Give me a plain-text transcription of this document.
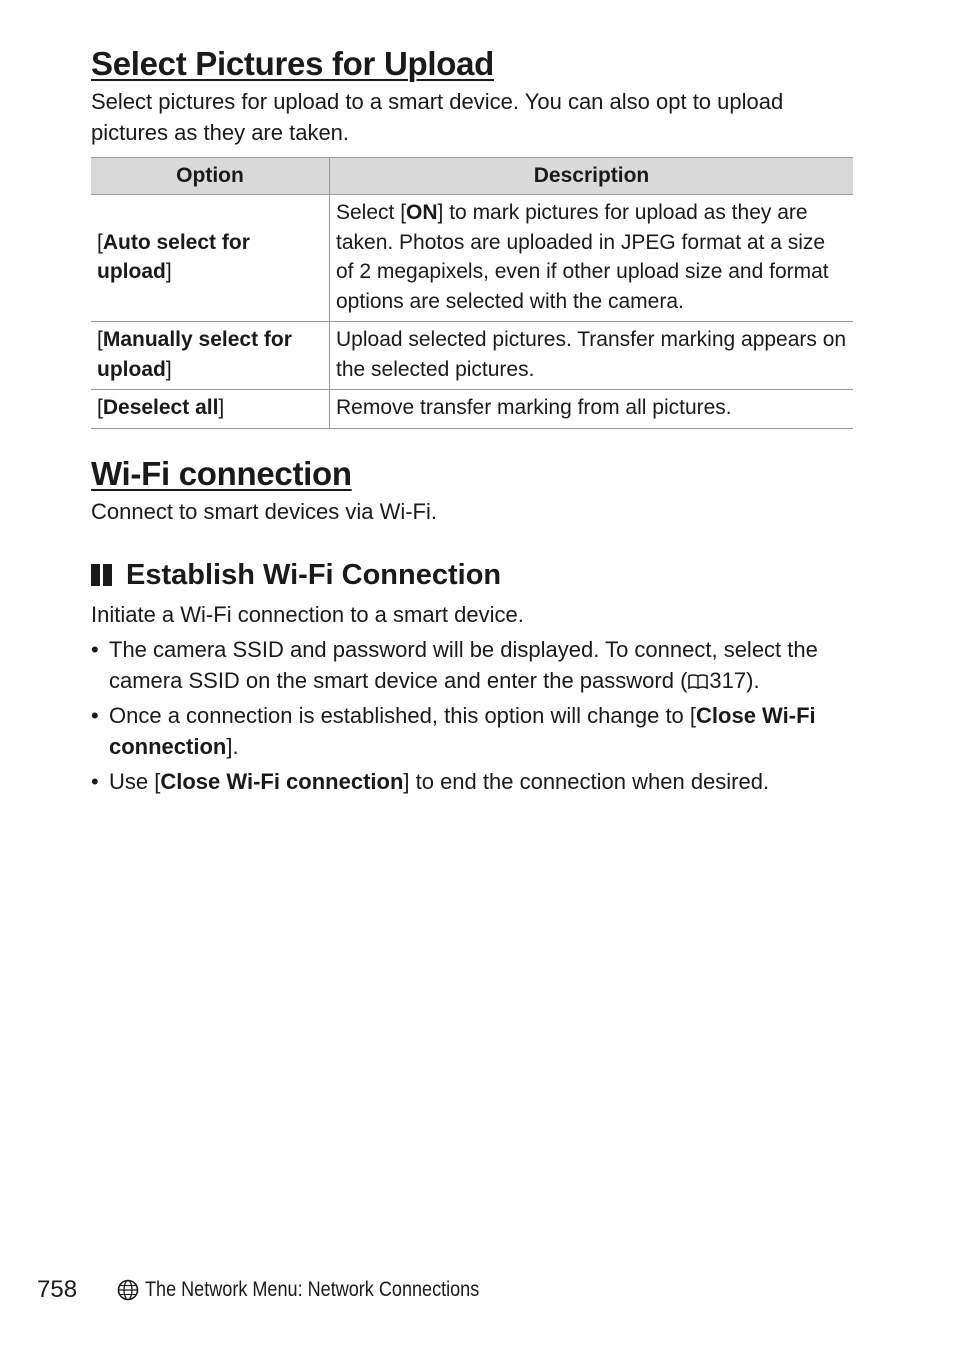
Select Pictures for Upload

Select pictures for upload to a smart device. You can also opt to upload pictures as they are taken.

Option	Description
[Auto select for upload]	Select [ON] to mark pictures for upload as they are taken. Photos are uploaded in JPEG format at a size of 2 megapixels, even if other upload size and format options are selected with the camera.
[Manually select for upload]	Upload selected pictures. Transfer marking appears on the selected pictures.
[Deselect all]	Remove transfer marking from all pictures.
Wi-Fi connection

Connect to smart devices via Wi-Fi.

Establish Wi-Fi Connection

Initiate a Wi-Fi connection to a smart device.

• The camera SSID and password will be displayed. To connect, select the camera SSID on the smart device and enter the password ( 317).
• Once a connection is established, this option will change to [Close Wi-Fi connection].
• Use [Close Wi-Fi connection] to end the connection when desired.
758	The Network Menu: Network Connections
